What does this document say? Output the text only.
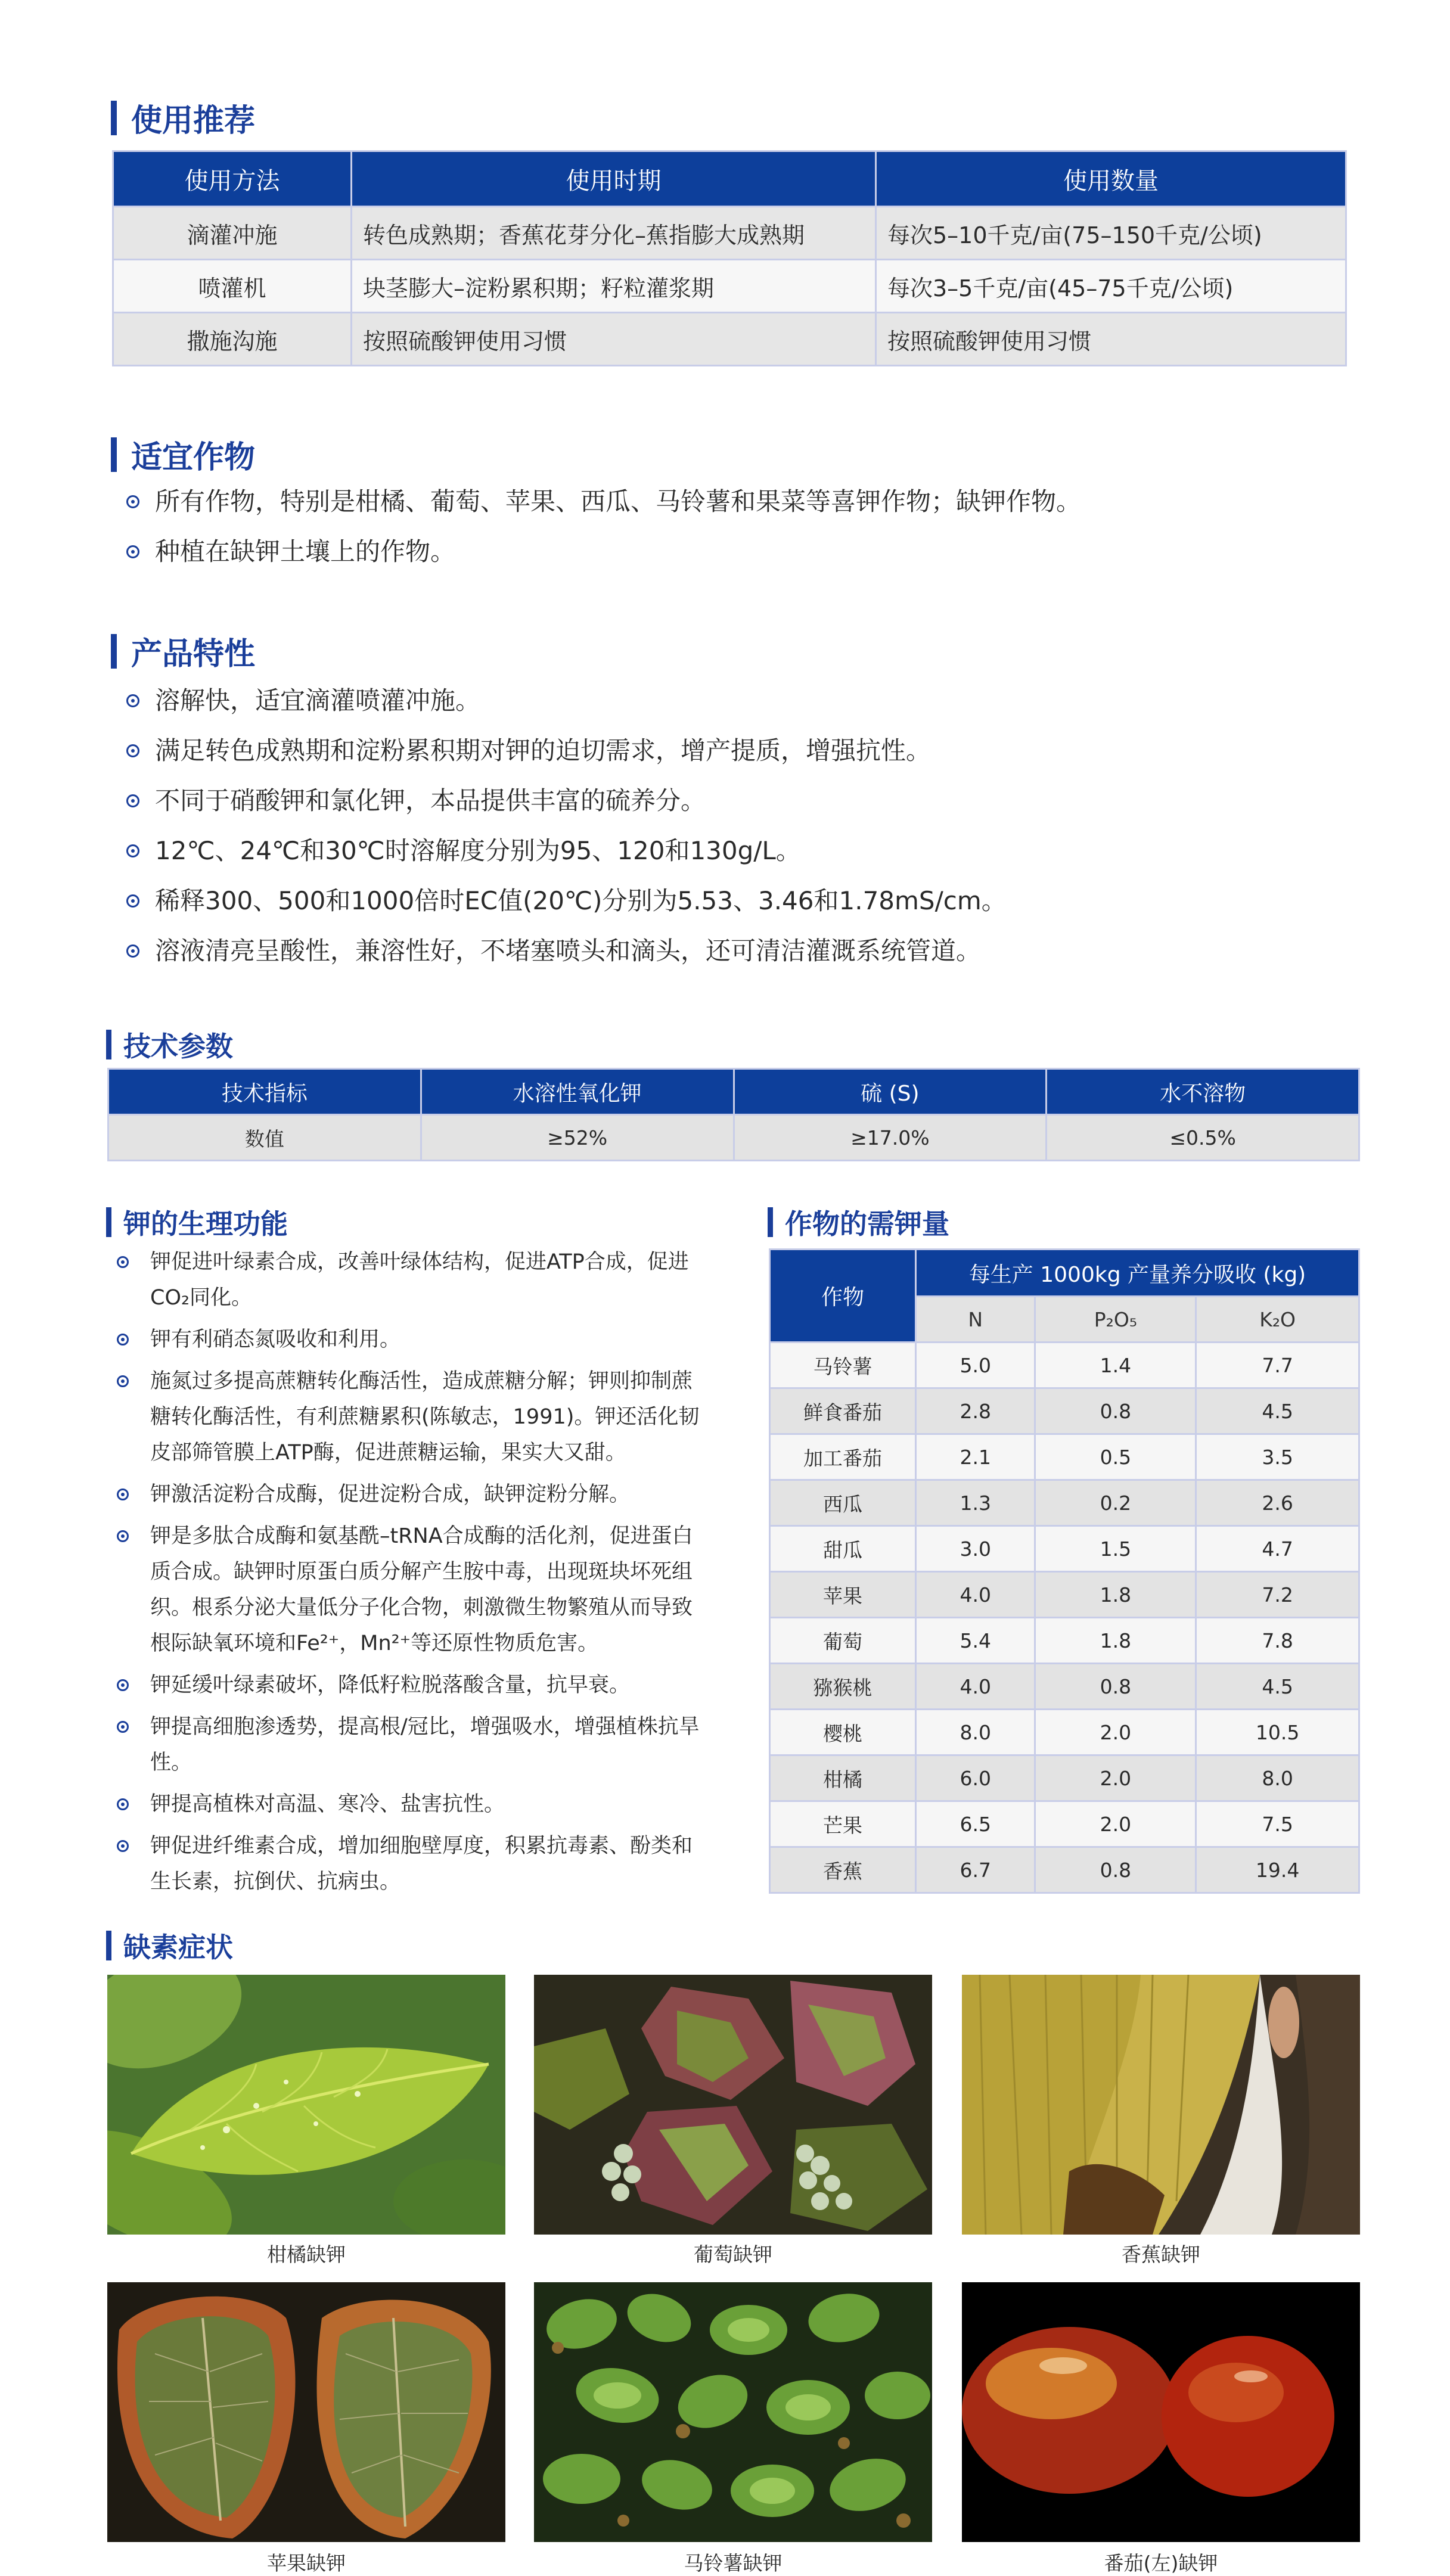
使用推荐
使用方法	使用时期	使用数量
滴灌冲施	转色成熟期；香蕉花芽分化–蕉指膨大成熟期	每次5–10千克/亩(75–150千克/公顷)
喷灌机	块茎膨大–淀粉累积期；籽粒灌浆期	每次3–5千克/亩(45–75千克/公顷)
撒施沟施	按照硫酸钾使用习惯	按照硫酸钾使用习惯
适宜作物
所有作物，特别是柑橘、葡萄、苹果、西瓜、马铃薯和果菜等喜钾作物；缺钾作物。
种植在缺钾土壤上的作物。
产品特性
溶解快，适宜滴灌喷灌冲施。
满足转色成熟期和淀粉累积期对钾的迫切需求，增产提质，增强抗性。
不同于硝酸钾和氯化钾，本品提供丰富的硫养分。
12℃、24℃和30℃时溶解度分别为95、120和130g/L。
稀释300、500和1000倍时EC值(20℃)分别为5.53、3.46和1.78mS/cm。
溶液清亮呈酸性，兼溶性好，不堵塞喷头和滴头，还可清洁灌溉系统管道。
技术参数
技术指标	水溶性氧化钾	硫 (S)	水不溶物
数值	≥52%	≥17.0%	≤0.5%
钾的生理功能
钾促进叶绿素合成，改善叶绿体结构，促进ATP合成，促进CO₂同化。
钾有利硝态氮吸收和利用。
施氮过多提高蔗糖转化酶活性，造成蔗糖分解；钾则抑制蔗糖转化酶活性，有利蔗糖累积(陈敏志，1991)。钾还活化韧皮部筛管膜上ATP酶，促进蔗糖运输，果实大又甜。
钾激活淀粉合成酶，促进淀粉合成，缺钾淀粉分解。
钾是多肽合成酶和氨基酰–tRNA合成酶的活化剂，促进蛋白质合成。缺钾时原蛋白质分解产生胺中毒，出现斑块坏死组织。根系分泌大量低分子化合物，刺激微生物繁殖从而导致根际缺氧环境和Fe²⁺，Mn²⁺等还原性物质危害。
钾延缓叶绿素破坏，降低籽粒脱落酸含量，抗早衰。
钾提高细胞渗透势，提高根/冠比，增强吸水，增强植株抗旱性。
钾提高植株对高温、寒冷、盐害抗性。
钾促进纤维素合成，增加细胞壁厚度，积累抗毒素、酚类和生长素，抗倒伏、抗病虫。
作物的需钾量
作物	每生产 1000kg 产量养分吸收 (kg)		
	N	P₂O₅	K₂O
马铃薯	5.0	1.4	7.7
鲜食番茄	2.8	0.8	4.5
加工番茄	2.1	0.5	3.5
西瓜	1.3	0.2	2.6
甜瓜	3.0	1.5	4.7
苹果	4.0	1.8	7.2
葡萄	5.4	1.8	7.8
猕猴桃	4.0	0.8	4.5
樱桃	8.0	2.0	10.5
柑橘	6.0	2.0	8.0
芒果	6.5	2.0	7.5
香蕉	6.7	0.8	19.4
缺素症状
柑橘缺钾	葡萄缺钾	香蕉缺钾
苹果缺钾	马铃薯缺钾	番茄(左)缺钾
